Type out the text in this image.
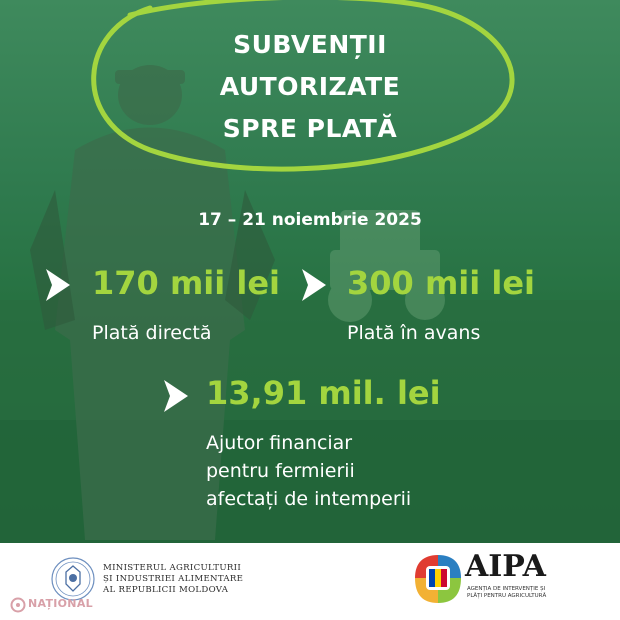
SUBVENȚII
AUTORIZATE
SPRE PLATĂ
17 – 21 noiembrie 2025
170 mii lei
Plată directă
300 mii lei
Plată în avans
13,91 mil. lei
Ajutor financiar
pentru fermierii
afectați de intemperii
MINISTERUL AGRICULTURII
ȘI INDUSTRIEI ALIMENTARE
AL REPUBLICII MOLDOVA
AIPA
AGENȚIA DE INTERVENȚIE ȘI
PLĂȚI PENTRU AGRICULTURĂ
NAȚIONAL
